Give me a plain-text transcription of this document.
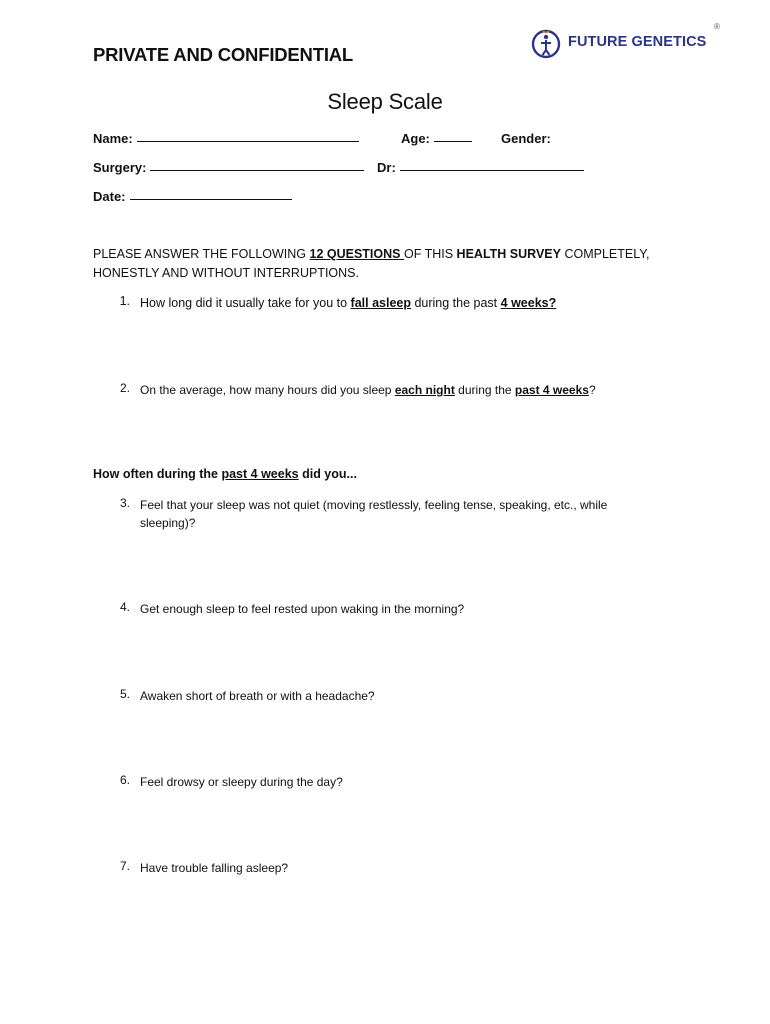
PRIVATE AND CONFIDENTIAL
FUTURE GENETICS
®
Sleep Scale
Name:	Age:	Gender:
Surgery:	Dr:
Date:
PLEASE ANSWER THE FOLLOWING 12 QUESTIONS OF THIS HEALTH SURVEY COMPLETELY, HONESTLY AND WITHOUT INTERRUPTIONS.
1. How long did it usually take for you to fall asleep during the past 4 weeks?
2. On the average, how many hours did you sleep each night during the past 4 weeks?
How often during the past 4 weeks did you...
3. Feel that your sleep was not quiet (moving restlessly, feeling tense, speaking, etc., while sleeping)?
4. Get enough sleep to feel rested upon waking in the morning?
5. Awaken short of breath or with a headache?
6. Feel drowsy or sleepy during the day?
7. Have trouble falling asleep?
